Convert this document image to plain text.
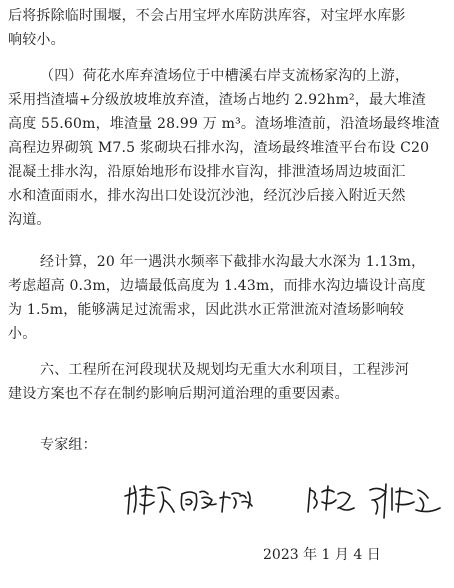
后将拆除临时围堰，不会占用宝坪水库防洪库容，对宝坪水库影
响较小。
（四）荷花水库弃渣场位于中槽溪右岸支流杨家沟的上游，
采用挡渣墙+分级放坡堆放弃渣，渣场占地约 2.92hm²，最大堆渣
高度 55.60m，堆渣量 28.99 万 m³。渣场堆渣前，沿渣场最终堆渣
高程边界砌筑 M7.5 浆砌块石排水沟，渣场最终堆渣平台布设 C20
混凝土排水沟，沿原始地形布设排水盲沟，排泄渣场周边坡面汇
水和渣面雨水，排水沟出口处设沉沙池，经沉沙后接入附近天然
沟道。
经计算，20 年一遇洪水频率下截排水沟最大水深为 1.13m，
考虑超高 0.3m，边墙最低高度为 1.43m，而排水沟边墙设计高度
为 1.5m，能够满足过流需求，因此洪水正常泄流对渣场影响较
小。
六、工程所在河段现状及规划均无重大水利项目，工程涉河
建设方案也不存在制约影响后期河道治理的重要因素。
专家组：
2023 年 1 月 4 日
